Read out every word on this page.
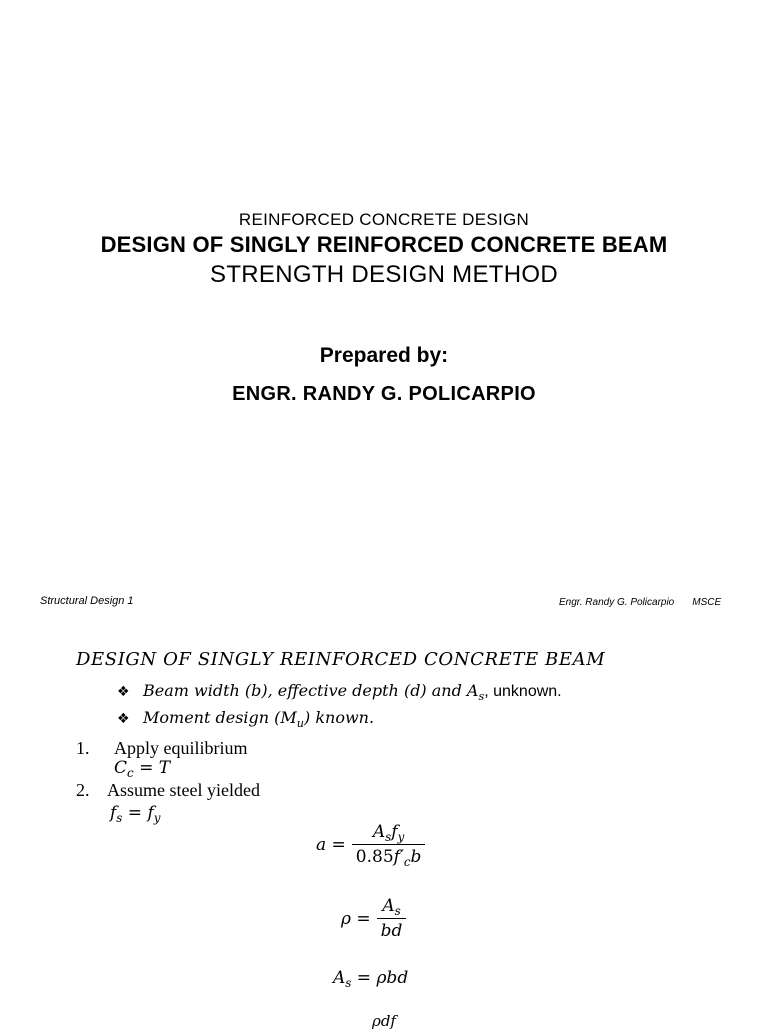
REINFORCED CONCRETE DESIGN
DESIGN OF SINGLY REINFORCED CONCRETE BEAM
STRENGTH DESIGN METHOD
Prepared by:
ENGR. RANDY G. POLICARPIO
Structural Design 1	Engr. Randy G. Policarpio MSCE
DESIGN OF SINGLY REINFORCED CONCRETE BEAM
❖ Beam width (b), effective depth (d) and $A_s$, unknown.
❖ Moment design $(M_u)$ known.
1. Apply equilibrium
$C_c = T$
2. Assume steel yielded
$f_s = f_y$
$a = \frac{A_sf_y}{0.85f'_cb}$
$\rho = \frac{A_s}{bd}$
$A_s = \rho bd$
ρdf
